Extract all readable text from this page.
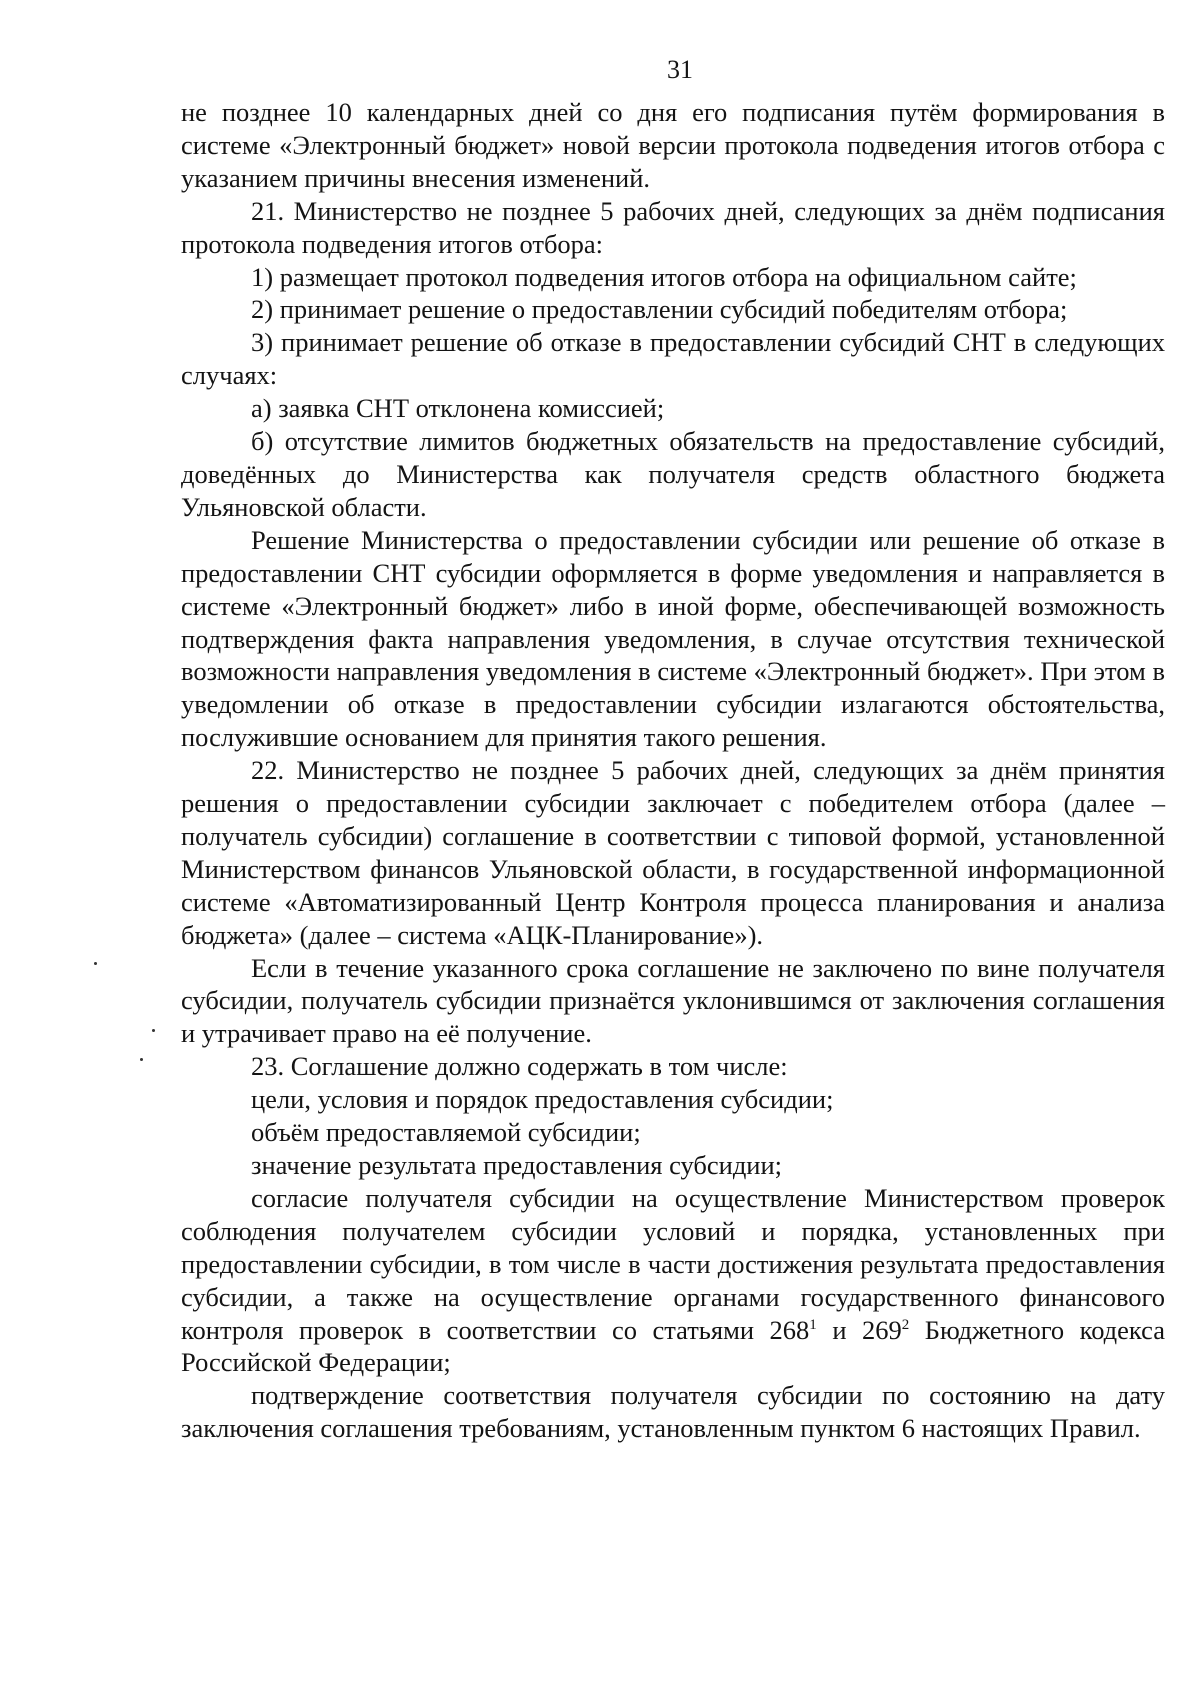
31

не позднее 10 календарных дней со дня его подписания путём формирования в системе «Электронный бюджет» новой версии протокола подведения итогов отбора с указанием причины внесения изменений.

21. Министерство не позднее 5 рабочих дней, следующих за днём подписания протокола подведения итогов отбора:

1) размещает протокол подведения итогов отбора на официальном сайте;

2) принимает решение о предоставлении субсидий победителям отбора;

3) принимает решение об отказе в предоставлении субсидий СНТ в следующих случаях:

а) заявка СНТ отклонена комиссией;

б) отсутствие лимитов бюджетных обязательств на предоставление субсидий, доведённых до Министерства как получателя средств областного бюджета Ульяновской области.

Решение Министерства о предоставлении субсидии или решение об отказе в предоставлении СНТ субсидии оформляется в форме уведомления и направляется в системе «Электронный бюджет» либо в иной форме, обеспечивающей возможность подтверждения факта направления уведомления, в случае отсутствия технической возможности направления уведомления в системе «Электронный бюджет». При этом в уведомлении об отказе в предоставлении субсидии излагаются обстоятельства, послужившие основанием для принятия такого решения.

22. Министерство не позднее 5 рабочих дней, следующих за днём принятия решения о предоставлении субсидии заключает с победителем отбора (далее – получатель субсидии) соглашение в соответствии с типовой формой, установленной Министерством финансов Ульяновской области, в государственной информационной системе «Автоматизированный Центр Контроля процесса планирования и анализа бюджета» (далее – система «АЦК-Планирование»).

Если в течение указанного срока соглашение не заключено по вине получателя субсидии, получатель субсидии признаётся уклонившимся от заключения соглашения и утрачивает право на её получение.

23. Соглашение должно содержать в том числе:

цели, условия и порядок предоставления субсидии;

объём предоставляемой субсидии;

значение результата предоставления субсидии;

согласие получателя субсидии на осуществление Министерством проверок соблюдения получателем субсидии условий и порядка, установленных при предоставлении субсидии, в том числе в части достижения результата предоставления субсидии, а также на осуществление органами государственного финансового контроля проверок в соответствии со статьями $268^1$ и $269^2$ Бюджетного кодекса Российской Федерации;

подтверждение соответствия получателя субсидии по состоянию на дату заключения соглашения требованиям, установленным пунктом 6 настоящих Правил.
